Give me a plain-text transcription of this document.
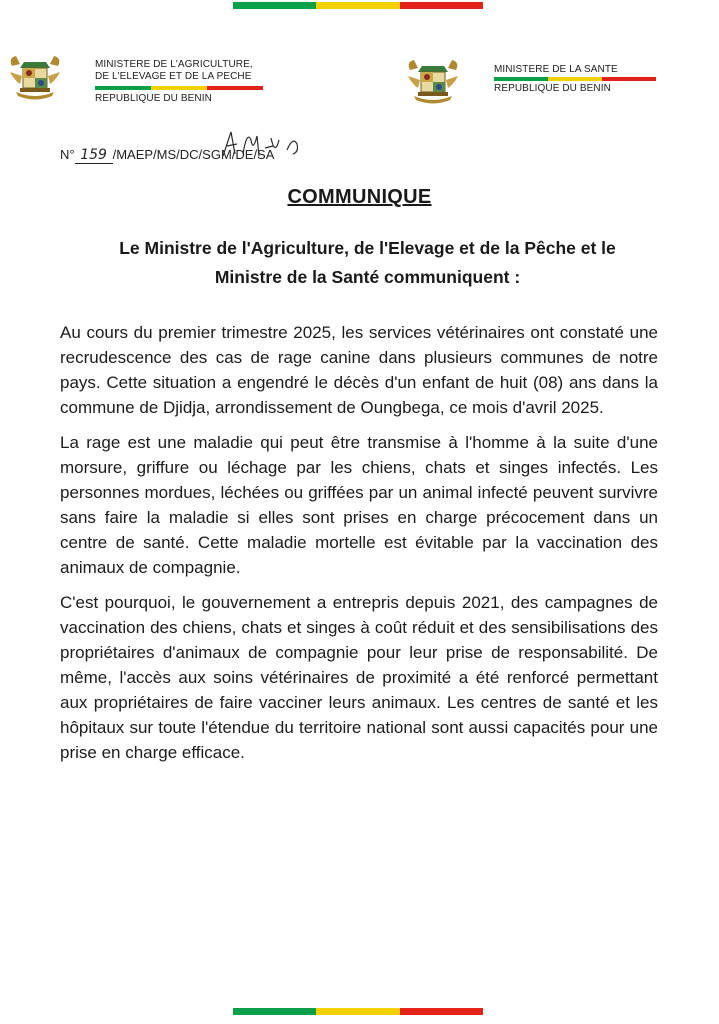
MINISTERE DE L'AGRICULTURE,
DE L'ELEVAGE ET DE LA PECHE
REPUBLIQUE DU BENIN
MINISTERE DE LA SANTE
REPUBLIQUE DU BENIN
N° 159 /MAEP/MS/DC/SGM/DE/SA
COMMUNIQUE
Le Ministre de l'Agriculture, de l'Elevage et de la Pêche et le
Ministre de la Santé communiquent :

Au cours du premier trimestre 2025, les services vétérinaires ont constaté une recrudescence des cas de rage canine dans plusieurs communes de notre pays. Cette situation a engendré le décès d'un enfant de huit (08) ans dans la commune de Djidja, arrondissement de Oungbega, ce mois d'avril 2025.

La rage est une maladie qui peut être transmise à l'homme à la suite d'une morsure, griffure ou léchage par les chiens, chats et singes infectés. Les personnes mordues, léchées ou griffées par un animal infecté peuvent survivre sans faire la maladie si elles sont prises en charge précocement dans un centre de santé. Cette maladie mortelle est évitable par la vaccination des animaux de compagnie.

C'est pourquoi, le gouvernement a entrepris depuis 2021, des campagnes de vaccination des chiens, chats et singes à coût réduit et des sensibilisations des propriétaires d'animaux de compagnie pour leur prise de responsabilité. De même, l'accès aux soins vétérinaires de proximité a été renforcé permettant aux propriétaires de faire vacciner leurs animaux. Les centres de santé et les hôpitaux sur toute l'étendue du territoire national sont aussi capacités pour une prise en charge efficace.
